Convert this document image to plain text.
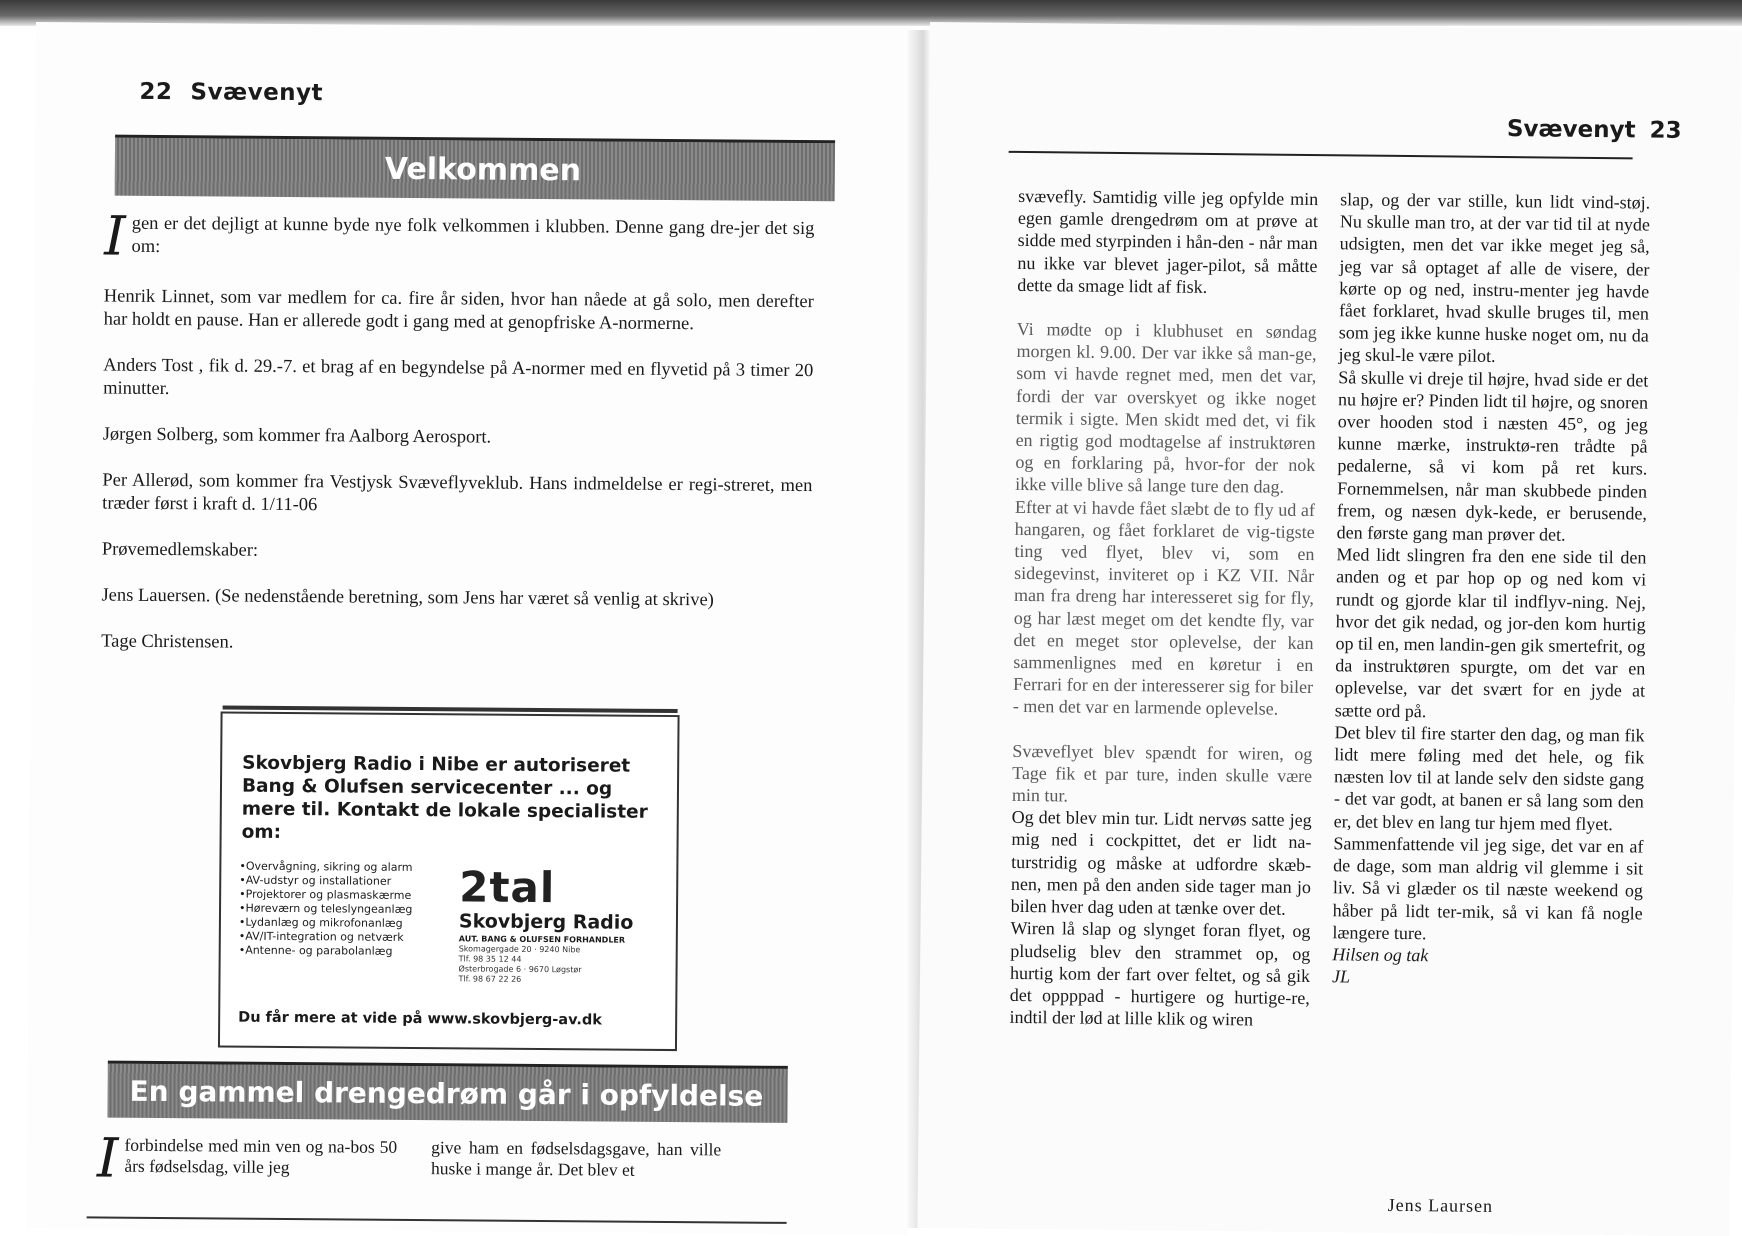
22 Svævenyt
Velkommen

Igen er det dejligt at kunne byde nye folk velkommen i klubben. Denne gang dre-jer det sig om:

Henrik Linnet, som var medlem for ca. fire år siden, hvor han nåede at gå solo, men derefter har holdt en pause. Han er allerede godt i gang med at genopfriske A-normerne.

Anders Tost , fik d. 29.-7. et brag af en begyndelse på A-normer med en flyvetid på 3 timer 20 minutter.

Jørgen Solberg, som kommer fra Aalborg Aerosport.

Per Allerød, som kommer fra Vestjysk Svæveflyveklub. Hans indmeldelse er regi-streret, men træder først i kraft d. 1/11-06

Prøvemedlemskaber:

Jens Lauersen. (Se nedenstående beretning, som Jens har været så venlig at skrive)

Tage Christensen.

Skovbjerg Radio i Nibe er autoriseret Bang & Olufsen servicecenter ... og mere til. Kontakt de lokale specialister om:
• Overvågning, sikring og alarm
• AV-udstyr og installationer
• Projektorer og plasmaskærme
• Høreværn og teleslyngeanlæg
• Lydanlæg og mikrofonanlæg
• AV/IT-integration og netværk
• Antenne- og parabolanlæg
2tal
Skovbjerg Radio
AUT. BANG & OLUFSEN FORHANDLER
Skomagergade 20 · 9240 Nibe
Tlf. 98 35 12 44
Østerbrogade 6 · 9670 Løgstør
Tlf. 98 67 22 26
Du får mere at vide på www.skovbjerg-av.dk
En gammel drengedrøm går i opfyldelse
Iforbindelse med min ven og na-bos 50 års fødselsdag, ville jeg
give ham en fødselsdagsgave, han ville huske i mange år. Det blev et
Svævenyt 23

svævefly. Samtidig ville jeg opfylde min egen gamle drengedrøm om at prøve at sidde med styrpinden i hån-den - når man nu ikke var blevet jager-pilot, så måtte dette da smage lidt af fisk.

Vi mødte op i klubhuset en søndag morgen kl. 9.00. Der var ikke så man-ge, som vi havde regnet med, men det var, fordi der var overskyet og ikke noget termik i sigte. Men skidt med det, vi fik en rigtig god modtagelse af instruktøren og en forklaring på, hvor-for der nok ikke ville blive så lange ture den dag.

Efter at vi havde fået slæbt de to fly ud af hangaren, og fået forklaret de vig-tigste ting ved flyet, blev vi, som en sidegevinst, inviteret op i KZ VII. Når man fra dreng har interesseret sig for fly, og har læst meget om det kendte fly, var det en meget stor oplevelse, der kan sammenlignes med en køretur i en Ferrari for en der interesserer sig for biler - men det var en larmende oplevelse.

Svæveflyet blev spændt for wiren, og Tage fik et par ture, inden skulle være min tur.

Og det blev min tur. Lidt nervøs satte jeg mig ned i cockpittet, det er lidt na-turstridig og måske at udfordre skæb-nen, men på den anden side tager man jo bilen hver dag uden at tænke over det.

Wiren lå slap og slynget foran flyet, og pludselig blev den strammet op, og hurtig kom der fart over feltet, og så gik det oppppad - hurtigere og hurtige-re, indtil der lød at lille klik og wiren

slap, og der var stille, kun lidt vind-støj. Nu skulle man tro, at der var tid til at nyde udsigten, men det var ikke meget jeg så, jeg var så optaget af alle de visere, der kørte op og ned, instru-menter jeg havde fået forklaret, hvad skulle bruges til, men som jeg ikke kunne huske noget om, nu da jeg skul-le være pilot.

Så skulle vi dreje til højre, hvad side er det nu højre er? Pinden lidt til højre, og snoren over hooden stod i næsten 45°, og jeg kunne mærke, instruktø-ren trådte på pedalerne, så vi kom på ret kurs. Fornemmelsen, når man skubbede pinden frem, og næsen dyk-kede, er berusende, den første gang man prøver det.

Med lidt slingren fra den ene side til den anden og et par hop op og ned kom vi rundt og gjorde klar til indflyv-ning. Nej, hvor det gik nedad, og jor-den kom hurtig op til en, men landin-gen gik smertefrit, og da instruktøren spurgte, om det var en oplevelse, var det svært for en jyde at sætte ord på.

Det blev til fire starter den dag, og man fik lidt mere føling med det hele, og fik næsten lov til at lande selv den sidste gang - det var godt, at banen er så lang som den er, det blev en lang tur hjem med flyet.

Sammenfattende vil jeg sige, det var en af de dage, som man aldrig vil glemme i sit liv. Så vi glæder os til næste weekend og håber på lidt ter-mik, så vi kan få nogle længere ture.

Hilsen og tak

JL

Jens Laursen
